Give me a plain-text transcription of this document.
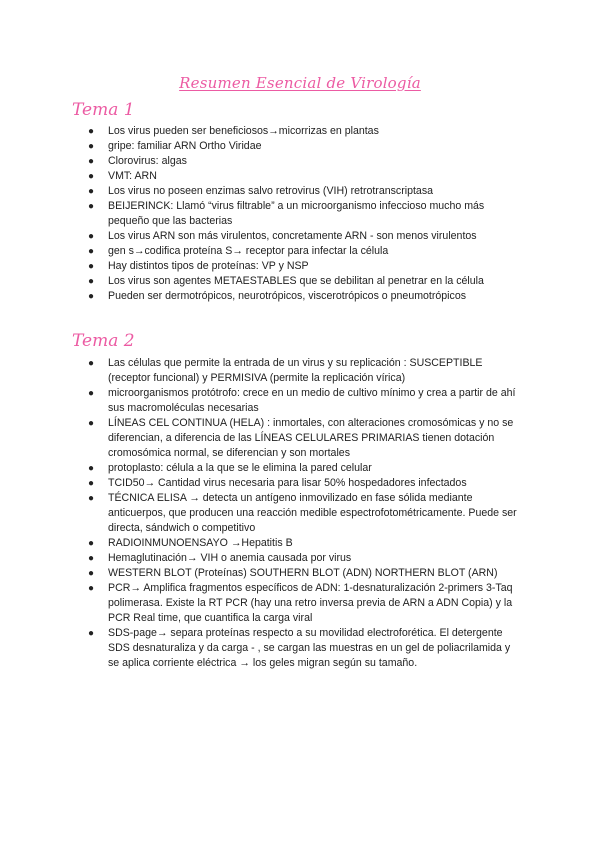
Resumen Esencial de Virología
Tema 1
● Los virus pueden ser beneficiosos→micorrizas en plantas
● gripe: familiar ARN Ortho Viridae
● Clorovirus: algas
● VMT: ARN
● Los virus no poseen enzimas salvo retrovirus (VIH) retrotranscriptasa
● BEIJERINCK: Llamó “virus filtrable” a un microorganismo infeccioso mucho más pequeño que las bacterias
● Los virus ARN son más virulentos, concretamente ARN - son menos virulentos
● gen s→codifica proteína S→ receptor para infectar la célula
● Hay distintos tipos de proteínas: VP y NSP
● Los virus son agentes METAESTABLES que se debilitan al penetrar en la célula
● Pueden ser dermotrópicos, neurotrópicos, viscerotrópicos o pneumotrópicos
Tema 2
● Las células que permite la entrada de un virus y su replicación : SUSCEPTIBLE (receptor funcional) y PERMISIVA (permite la replicación vírica)
● microorganismos protótrofo: crece en un medio de cultivo mínimo y crea a partir de ahí sus macromoléculas necesarias
● LÍNEAS CEL CONTINUA (HELA) : inmortales, con alteraciones cromosómicas y no se diferencian, a diferencia de las LÍNEAS CELULARES PRIMARIAS tienen dotación cromosómica normal, se diferencian y son mortales
● protoplasto: célula a la que se le elimina la pared celular
● TCID50→ Cantidad virus necesaria para lisar 50% hospedadores infectados
● TÉCNICA ELISA → detecta un antígeno inmovilizado en fase sólida mediante anticuerpos, que producen una reacción medible espectrofotométricamente. Puede ser directa, sándwich o competitivo
● RADIOINMUNOENSAYO →Hepatitis B
● Hemaglutinación→ VIH o anemia causada por virus
● WESTERN BLOT (Proteínas) SOUTHERN BLOT (ADN) NORTHERN BLOT (ARN)
● PCR→ Amplifica fragmentos específicos de ADN: 1-desnaturalización 2-primers 3-Taq polimerasa. Existe la RT PCR (hay una retro inversa previa de ARN a ADN Copia) y la PCR Real time, que cuantifica la carga viral
● SDS-page→ separa proteínas respecto a su movilidad electroforética. El detergente SDS desnaturaliza y da carga - , se cargan las muestras en un gel de poliacrilamida y se aplica corriente eléctrica → los geles migran según su tamaño.
